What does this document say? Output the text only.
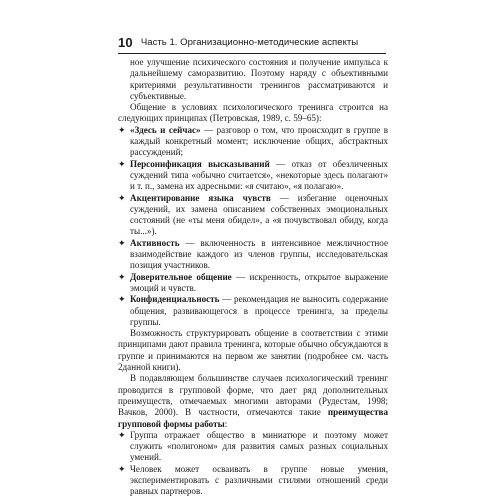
10 Часть 1. Организационно-методические аспекты

ное улучшение психического состояния и получение импульса к дальнейшему саморазвитию. Поэтому наряду с объективными критериями результативности тренингов рассматриваются и субъективные.

Общение в условиях психологического тренинга строится на следующих принципах (Петровская, 1989, с. 59–65):

✦ «Здесь и сейчас» — разговор о том, что происходит в группе в каждый конкретный момент; исключение общих, абстрактных рассуждений;
✦ Персонификация высказываний — отказ от обезличенных суждений типа «обычно считается», «некоторые здесь полагают» и т. п., замена их адресными: «я считаю», «я полагаю».
✦ Акцентирование языка чувств — избегание оценочных суждений, их замена описанием собственных эмоциональных состояний (не «ты меня обидел», а «я почувствовал обиду, когда ты...»).
✦ Активность — включенность в интенсивное межличностное взаимодействие каждого из членов группы, исследовательская позиция участников.
✦ Доверительное общение — искренность, открытое выражение эмоций и чувств.
✦ Конфиденциальность — рекомендация не выносить содержание общения, развивающегося в процессе тренинга, за пределы группы.

Возможность структурировать общение в соответствии с этими принципами дают правила тренинга, которые обычно обсуждаются в группе и принимаются на первом же занятии (подробнее см. часть 2данной книги).

В подавляющем большинстве случаев психологический тренинг проводится в групповой форме, что дает ряд дополнительных преимуществ, отмечаемых многими авторами (Рудестам, 1998; Вачков, 2000). В частности, отмечаются такие преимущества групповой формы работы:

✦ Группа отражает общество в миниатюре и поэтому может служить «полигоном» для развития самых разных социальных умений.
✦ Человек может осваивать в группе новые умения, экспериментировать с различными стилями отношений среди равных партнеров.
